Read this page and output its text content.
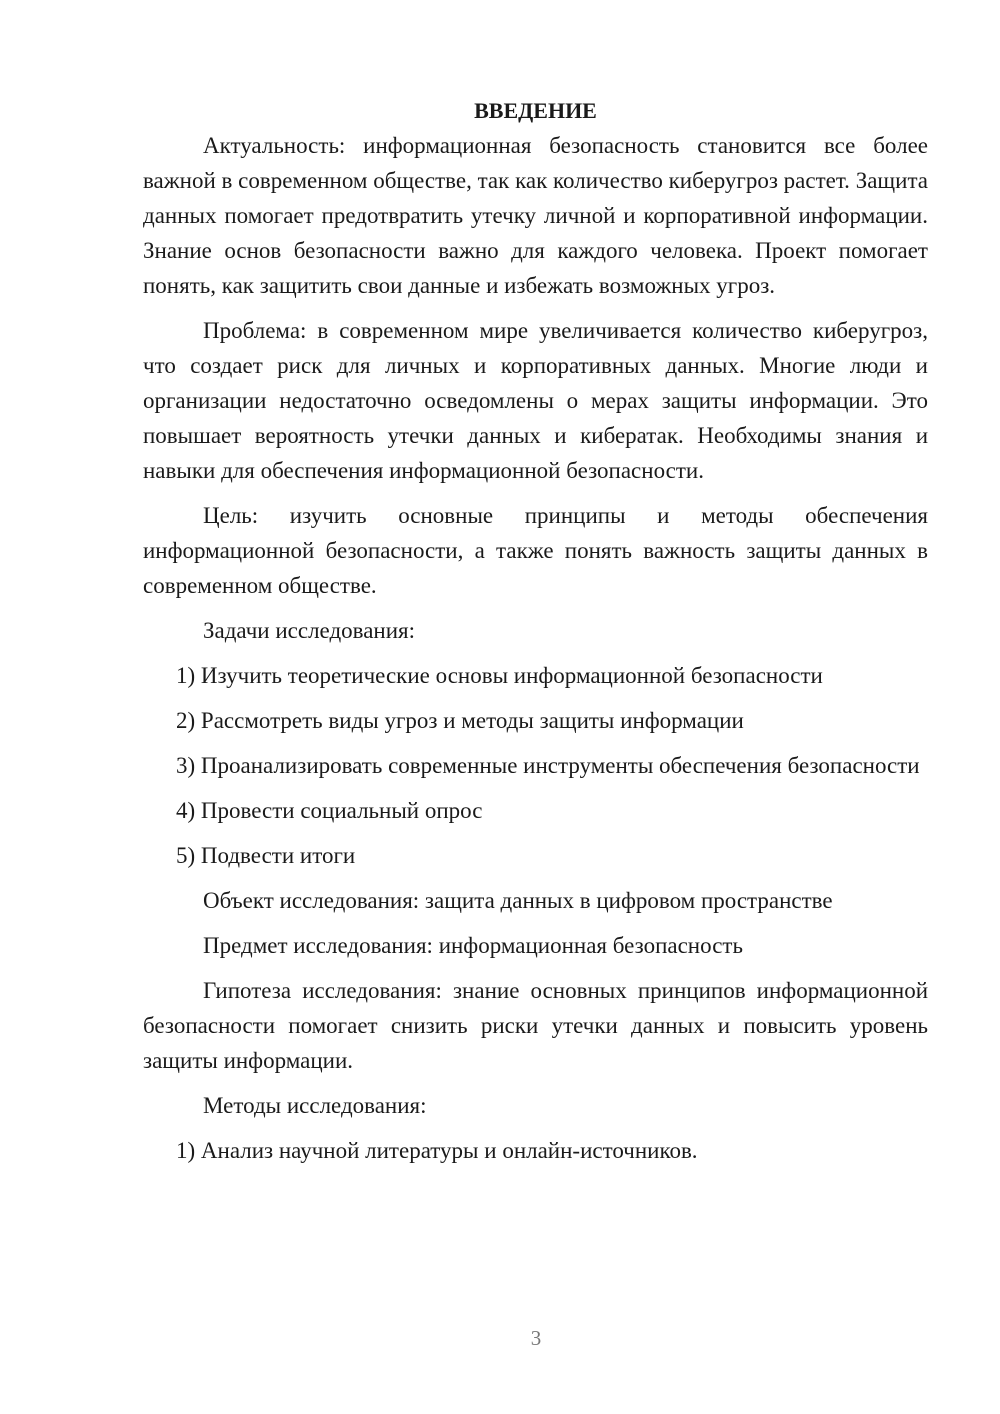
ВВЕДЕНИЕ

Актуальность: информационная безопасность становится все более важной в современном обществе, так как количество киберугроз растет. Защита данных помогает предотвратить утечку личной и корпоративной информации. Знание основ безопасности важно для каждого человека. Проект помогает понять, как защитить свои данные и избежать возможных угроз.

Проблема: в современном мире увеличивается количество киберугроз, что создает риск для личных и корпоративных данных. Многие люди и организации недостаточно осведомлены о мерах защиты информации. Это повышает вероятность утечки данных и кибератак. Необходимы знания и навыки для обеспечения информационной безопасности.

Цель: изучить основные принципы и методы обеспечения информационной безопасности, а также понять важность защиты данных в современном обществе.

Задачи исследования:

1) Изучить теоретические основы информационной безопасности

2) Рассмотреть виды угроз и методы защиты информации

3) Проанализировать современные инструменты обеспечения безопасности

4) Провести социальный опрос

5) Подвести итоги

Объект исследования: защита данных в цифровом пространстве

Предмет исследования: информационная безопасность

Гипотеза исследования: знание основных принципов информационной безопасности помогает снизить риски утечки данных и повысить уровень защиты информации.

Методы исследования:

1) Анализ научной литературы и онлайн-источников.

3
